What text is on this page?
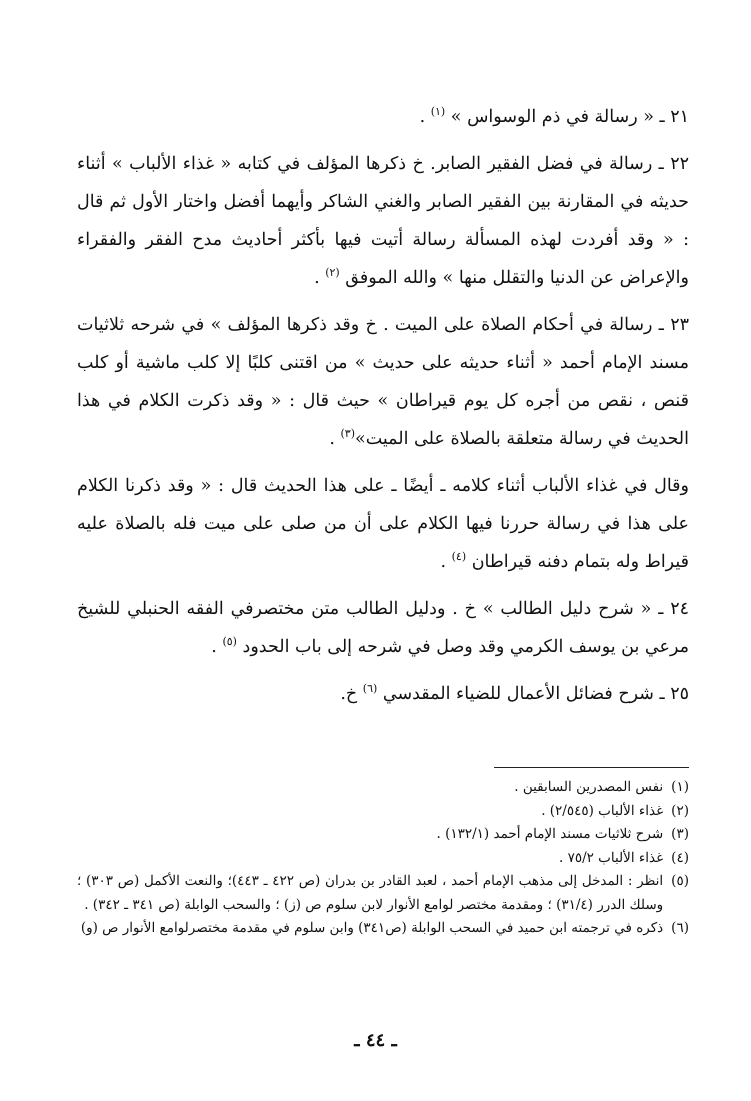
٢١ ـ « رسالة في ذم الوسواس » $^{(١)}$ .

٢٢ ـ رسالة في فضل الفقير الصابر. خ ذكرها المؤلف في كتابه « غذاء الألباب » أثناء حديثه في المقارنة بين الفقير الصابر والغني الشاكر وأيهما أفضل واختار الأول ثم قال : « وقد أفردت لهذه المسألة رسالة أتيت فيها بأكثر أحاديث مدح الفقر والفقراء والإعراض عن الدنيا والتقلل منها » والله الموفق $^{(٢)}$ .

٢٣ ـ رسالة في أحكام الصلاة على الميت . خ وقد ذكرها المؤلف » في شرحه ثلاثيات مسند الإمام أحمد « أثناء حديثه على حديث » من اقتنى كلبًا إلا كلب ماشية أو كلب قنص ، نقص من أجره كل يوم قيراطان » حيث قال : « وقد ذكرت الكلام في هذا الحديث في رسالة متعلقة بالصلاة على الميت»$^{(٣)}$ .

وقال في غذاء الألباب أثناء كلامه ـ أيضًا ـ على هذا الحديث قال : « وقد ذكرنا الكلام على هذا في رسالة حررنا فيها الكلام على أن من صلى على ميت فله بالصلاة عليه قيراط وله بتمام دفنه قيراطان $^{(٤)}$ .

٢٤ ـ « شرح دليل الطالب » خ . ودليل الطالب متن مختصرفي الفقه الحنبلي للشيخ مرعي بن يوسف الكرمي وقد وصل في شرحه إلى باب الحدود $^{(٥)}$ .

٢٥ ـ شرح فضائل الأعمال للضياء المقدسي $^{(٦)}$ خ.

(١)
نفس المصدرين السابقين .
(٢)
غذاء الألباب (٢/٥٤٥) .
(٣)
شرح ثلاثيات مسند الإمام أحمد (١٣٢/١) .
(٤)
غذاء الألباب ٧٥/٢ .
(٥)
انظر : المدخل إلى مذهب الإمام أحمد ، لعبد القادر بن بدران (ص ٤٢٢ ـ ٤٤٣)؛ والنعت الأكمل (ص ٣٠٣) ؛ وسلك الدرر (٣١/٤) ؛ ومقدمة مختصر لوامع الأنوار لابن سلوم ص (ز) ؛ والسحب الوابلة (ص ٣٤١ ـ ٣٤٢) .
(٦)
ذكره في ترجمته ابن حميد في السحب الوابلة (ص٣٤١) وابن سلوم في مقدمة مختصرلوامع الأنوار ص (و)
ـ ٤٤ ـ
